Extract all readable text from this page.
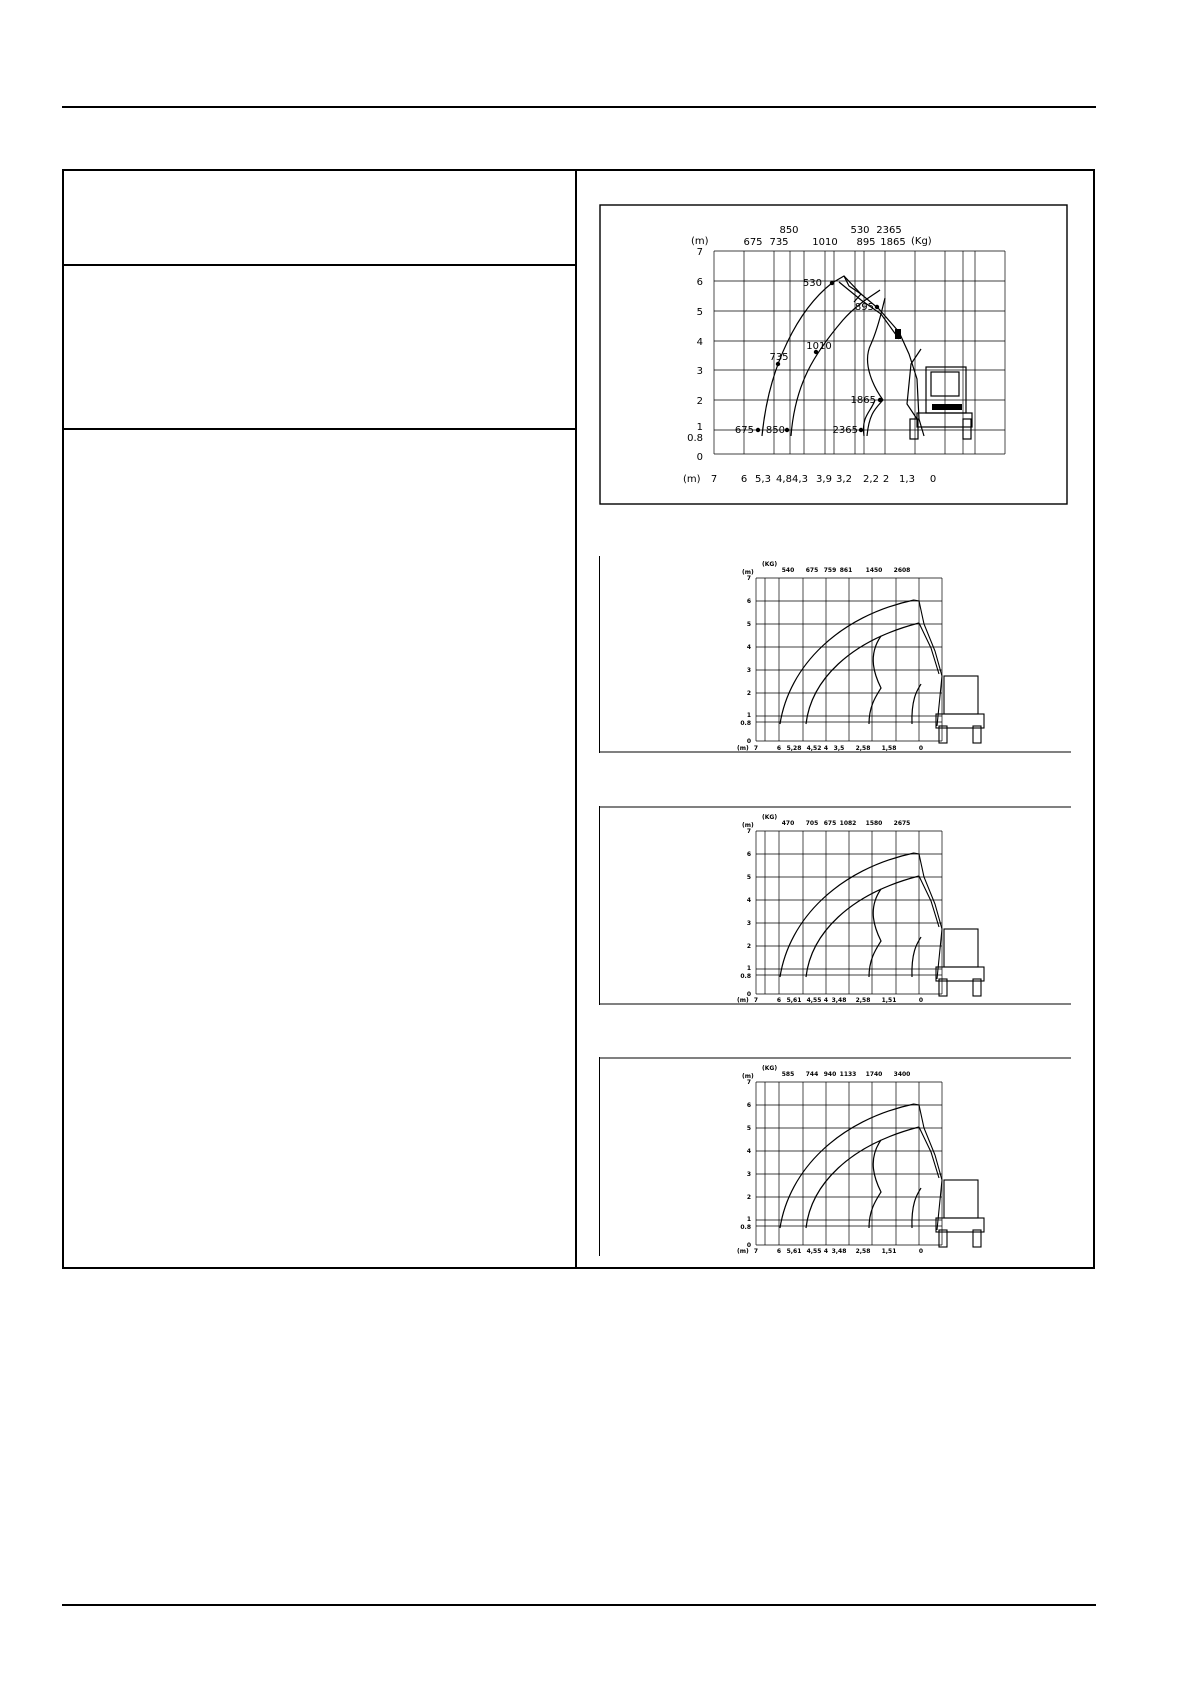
(m)	(Kg)
(m)
850	530 2365
675 735 1010 895 1865
7
6
5
4
3
2
1
0.8
0
7 6 5,3 4,8 4,3 3,9 3,2 2,2 2 1,3 0
530
895
735
1010
1865
675 850	2365
(m)
(KG)
(m)
540 675 759 861 1450 2608
7
6
5
4
3
2
1
0.8
0
7	6 5,28 4,52 4 3,5 2,58 1,58	0
(m)
(KG)
(m)
470 705 675 1082 1580 2675
7
6
5
4
3
2
1
0.8
0
7	6 5,61 4,55 4 3,48 2,58 1,51	0
(m)
(KG)
(m)
585 744 940 1133 1740 3400
7
6
5
4
3
2
1
0.8
0
7	6 5,61 4,55 4 3,48 2,58 1,51	0
